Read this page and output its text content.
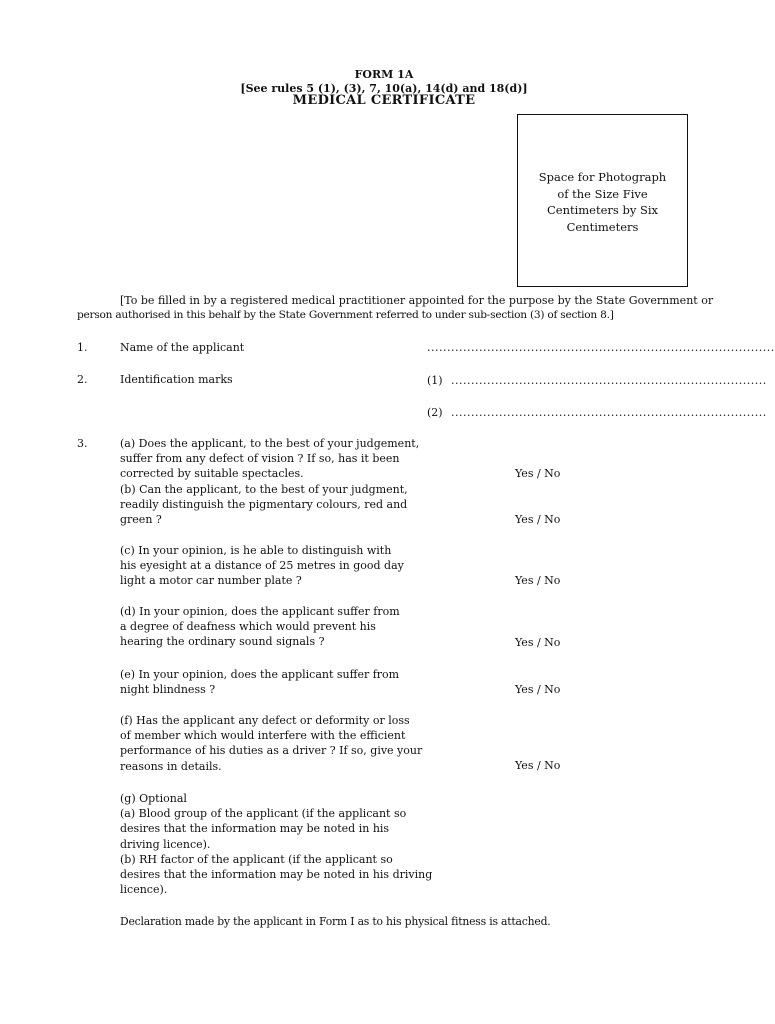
FORM 1A
[See rules 5 (1), (3), 7, 10(a), 14(d) and 18(d)]
MEDICAL CERTIFICATE
Space for Photograph
of the Size Five
Centimeters by Six
Centimeters
[To be filled in by a registered medical practitioner appointed for the purpose by the State Government or
person authorised in this behalf by the State Government referred to under sub-section (3) of section 8.]
1.	Name of the applicant	.......................................................................................
2.	Identification marks	(1) ...............................................................................
(2) ...............................................................................
3.	(a) Does the applicant, to the best of your judgement,
suffer from any defect of vision ? If so, has it been
corrected by suitable spectacles.	Yes / No
(b) Can the applicant, to the best of your judgment,
readily distinguish the pigmentary colours, red and
green ?	Yes / No
(c) In your opinion, is he able to distinguish with
his eyesight at a distance of 25 metres in good day
light a motor car number plate ?	Yes / No
(d) In your opinion, does the applicant suffer from
a degree of deafness which would prevent his
hearing the ordinary sound signals ?	Yes / No
(e) In your opinion, does the applicant suffer from
night blindness ?	Yes / No
(f) Has the applicant any defect or deformity or loss
of member which would interfere with the efficient
performance of his duties as a driver ? If so, give your
reasons in details.	Yes / No
(g) Optional
(a) Blood group of the applicant (if the applicant so
desires that the information may be noted in his
driving licence).
(b) RH factor of the applicant (if the applicant so
desires that the information may be noted in his driving
licence).
Declaration made by the applicant in Form I as to his physical fitness is attached.
